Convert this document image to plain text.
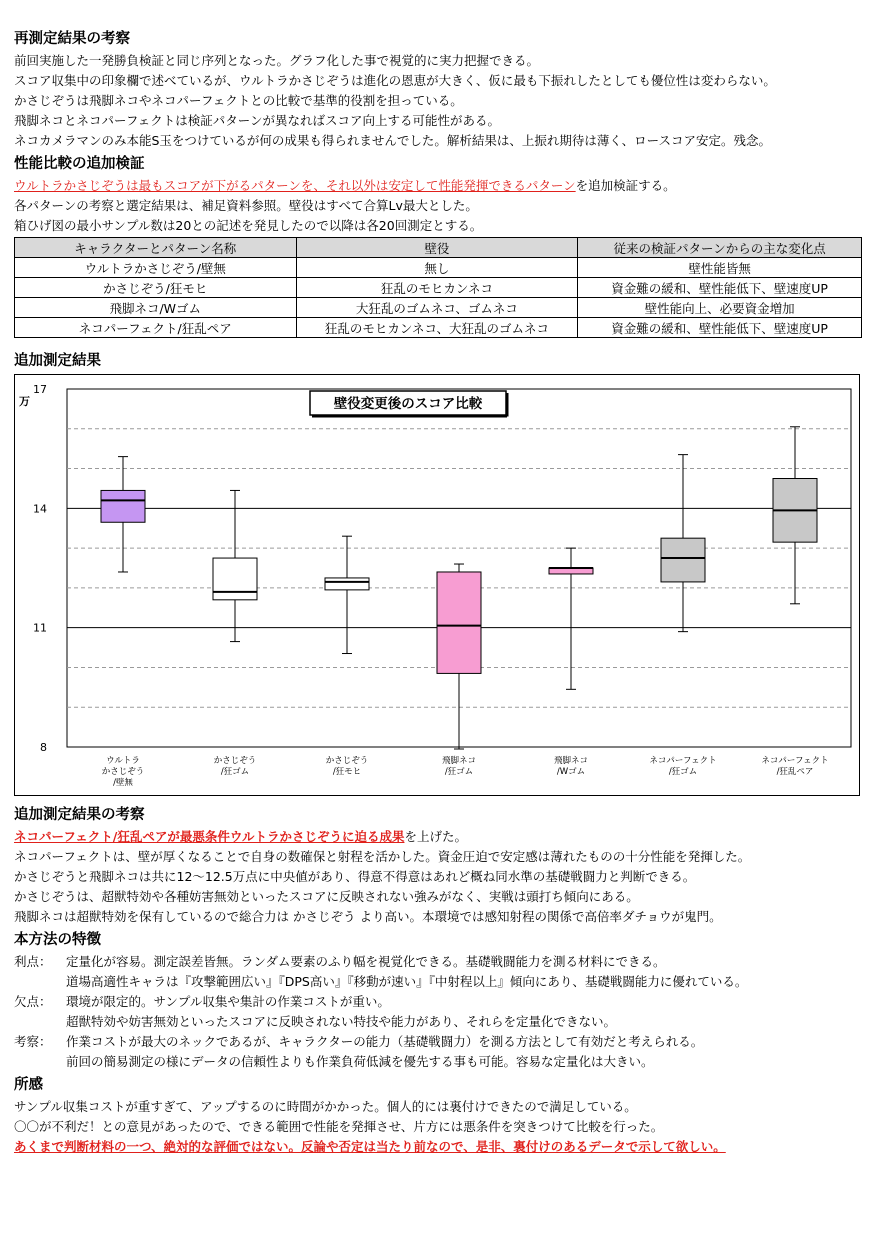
再測定結果の考察

前回実施した一発勝負検証と同じ序列となった。グラフ化した事で視覚的に実力把握できる。

スコア収集中の印象欄で述べているが、ウルトラかさじぞうは進化の恩恵が大きく、仮に最も下振れしたとしても優位性は変わらない。

かさじぞうは飛脚ネコやネコパーフェクトとの比較で基準的役割を担っている。

飛脚ネコとネコパーフェクトは検証パターンが異なればスコア向上する可能性がある。

ネコカメラマンのみ本能S玉をつけているが何の成果も得られませんでした。解析結果は、上振れ期待は薄く、ロースコア安定。残念。

性能比較の追加検証

ウルトラかさじぞうは最もスコアが下がるパターンを、それ以外は安定して性能発揮できるパターンを追加検証する。

各パターンの考察と選定結果は、補足資料参照。壁役はすべて合算Lv最大とした。

箱ひげ図の最小サンプル数は20との記述を発見したので以降は各20回測定とする。

キャラクターとパターン名称	壁役	従来の検証パターンからの主な変化点
ウルトラかさじぞう/壁無	無し	壁性能皆無
かさじぞう/狂モヒ	狂乱のモヒカンネコ	資金難の緩和、壁性能低下、壁速度UP
飛脚ネコ/Wゴム	大狂乱のゴムネコ、ゴムネコ	壁性能向上、必要資金増加
ネコパーフェクト/狂乱ペア	狂乱のモヒカンネコ、大狂乱のゴムネコ	資金難の緩和、壁性能低下、壁速度UP
追加測定結果
8
11
14
17
万	壁役変更後のスコア比較
ウルトラ
かさじぞう
/壁無
かさじぞう
/狂ゴム
かさじぞう
/狂モヒ
飛脚ネコ
/狂ゴム
飛脚ネコ
/Wゴム
ネコパーフェクト
/狂ゴム
ネコパーフェクト
/狂乱ペア
追加測定結果の考察

ネコパーフェクト/狂乱ペアが最悪条件ウルトラかさじぞうに迫る成果を上げた。

ネコパーフェクトは、壁が厚くなることで自身の数確保と射程を活かした。資金圧迫で安定感は薄れたものの十分性能を発揮した。

かさじぞうと飛脚ネコは共に12～12.5万点に中央値があり、得意不得意はあれど概ね同水準の基礎戦闘力と判断できる。

かさじぞうは、超獣特効や各種妨害無効といったスコアに反映されない強みがなく、実戦は頭打ち傾向にある。

飛脚ネコは超獣特効を保有しているので総合力は かさじぞう より高い。本環境では感知射程の関係で高倍率ダチョウが鬼門。

本方法の特徴
利点：	定量化が容易。測定誤差皆無。ランダム要素のふり幅を視覚化できる。基礎戦闘能力を測る材料にできる。

道場高適性キャラは『攻撃範囲広い』『DPS高い』『移動が速い』『中射程以上』傾向にあり、基礎戦闘能力に優れている。

欠点：	環境が限定的。サンプル収集や集計の作業コストが重い。

超獣特効や妨害無効といったスコアに反映されない特技や能力があり、それらを定量化できない。

考察：	作業コストが最大のネックであるが、キャラクターの能力（基礎戦闘力）を測る方法として有効だと考えられる。

前回の簡易測定の様にデータの信頼性よりも作業負荷低減を優先する事も可能。容易な定量化は大きい。

所感

サンプル収集コストが重すぎて、アップするのに時間がかかった。個人的には裏付けできたので満足している。

〇〇が不利だ！との意見があったので、できる範囲で性能を発揮させ、片方には悪条件を突きつけて比較を行った。

あくまで判断材料の一つ、絶対的な評価ではない。反論や否定は当たり前なので、是非、裏付けのあるデータで示して欲しい。
